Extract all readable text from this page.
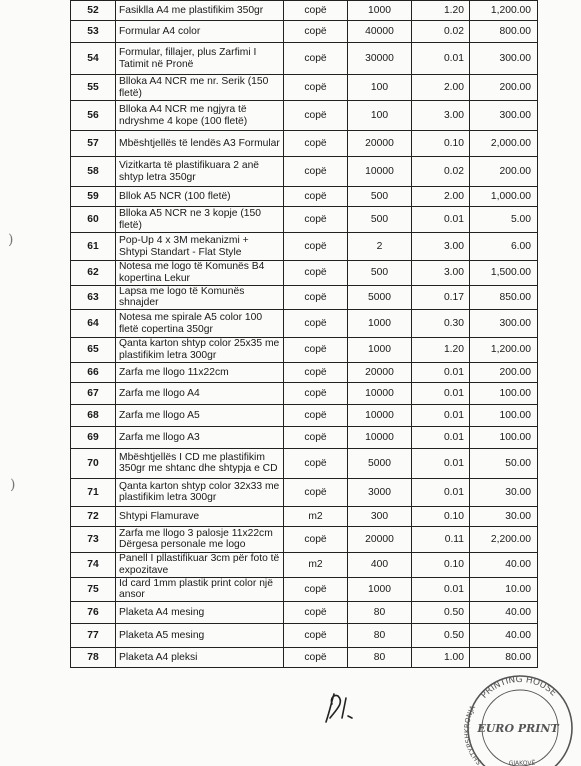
)
)
52	Fasiklla A4 me plastifikim 350gr	copë	1000	1.20	1,200.00
53	Formular A4 color	copë	40000	0.02	800.00
54	Formular, fillajer, plus Zarfimi I Tatimit në Pronë	copë	30000	0.01	300.00
55	Blloka A4 NCR me nr. Serik (150 fletë)	copë	100	2.00	200.00
56	Blloka A4 NCR me ngjyra të ndryshme 4 kope (100 fletë)	copë	100	3.00	300.00
57	Mbështjellës të lendës A3 Formular	copë	20000	0.10	2,000.00
58	Vizitkarta të plastifikuara 2 anë shtyp letra 350gr	copë	10000	0.02	200.00
59	Bllok A5 NCR (100 fletë)	copë	500	2.00	1,000.00
60	Blloka A5 NCR ne 3 kopje (150 fletë)	copë	500	0.01	5.00
61	Pop-Up 4 x 3M mekanizmi + Shtypi Standart - Flat Style	copë	2	3.00	6.00
62	Notesa me logo të Komunës B4 kopertina Lekur	copë	500	3.00	1,500.00
63	Lapsa me logo të Komunës shnajder	copë	5000	0.17	850.00
64	Notesa me spirale A5 color 100 fletë copertina 350gr	copë	1000	0.30	300.00
65	Qanta karton shtyp color 25x35 me plastifikim letra 300gr	copë	1000	1.20	1,200.00
66	Zarfa me llogo 11x22cm	copë	20000	0.01	200.00
67	Zarfa me llogo A4	copë	10000	0.01	100.00
68	Zarfa me llogo A5	copë	10000	0.01	100.00
69	Zarfa me llogo A3	copë	10000	0.01	100.00
70	Mbështjellës I CD me plastifikim 350gr me shtanc dhe shtypja e CD	copë	5000	0.01	50.00
71	Qanta karton shtyp color 32x33 me plastifikim letra 300gr	copë	3000	0.01	30.00
72	Shtypi Flamurave	m2	300	0.10	30.00
73	Zarfa me llogo 3 palosje 11x22cm Dërgesa personale me logo	copë	20000	0.11	2,200.00
74	Panell I pllastifikuar 3cm për foto të expozitave	m2	400	0.10	40.00
75	Id card 1mm plastik print color një ansor	copë	1000	0.01	10.00
76	Plaketa A4 mesing	copë	80	0.50	40.00
77	Plaketa A5 mesing	copë	80	0.50	40.00
78	Plaketa A4 pleksi	copë	80	1.00	80.00
PRINTING HOUSE
SHTYPSHKRONJA
EURO PRINT
GJAKOVË
